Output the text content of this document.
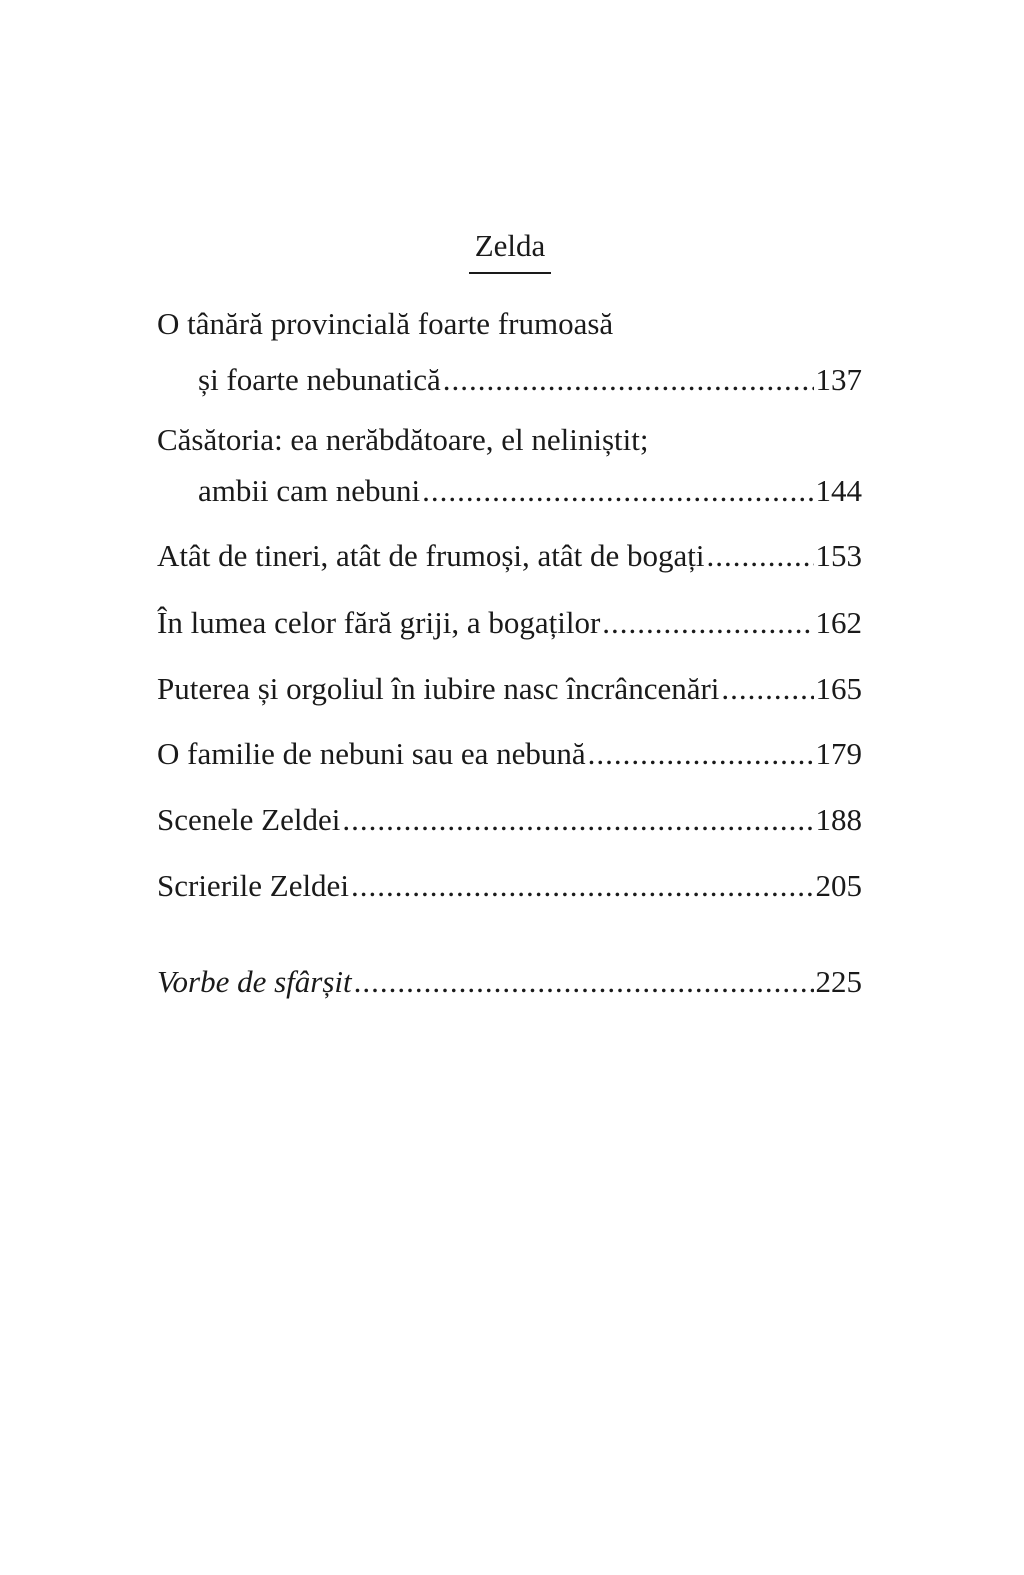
Zelda
O tânără provincială foarte frumoasă
și foarte nebunatică .....	137
Căsătoria: ea nerăbdătoare, el neliniștit;
ambii cam nebuni .....	144
Atât de tineri, atât de frumoși, atât de bogați .....	153
În lumea celor fără griji, a bogaților .....	162
Puterea și orgoliul în iubire nasc încrâncenări .....	165
O familie de nebuni sau ea nebună .....	179
Scenele Zeldei .....	188
Scrierile Zeldei .....	205
Vorbe de sfârșit .....	225
